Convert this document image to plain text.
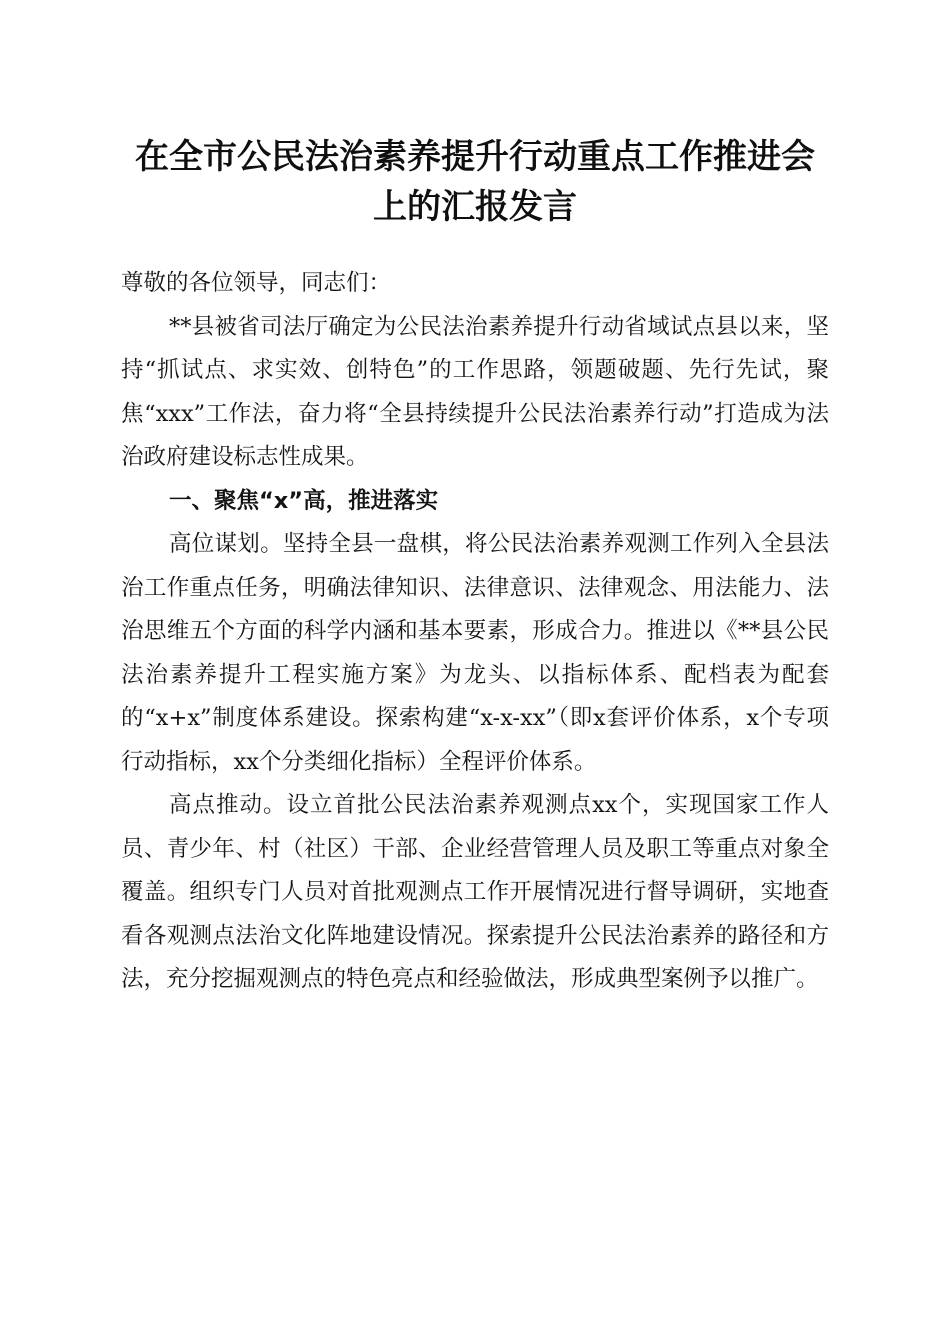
在全市公民法治素养提升行动重点工作推进会
上的汇报发言

尊敬的各位领导，同志们：

**县被省司法厅确定为公民法治素养提升行动省域试点县以来，坚持“抓试点、求实效、创特色”的工作思路，领题破题、先行先试，聚焦“xxx”工作法，奋力将“全县持续提升公民法治素养行动”打造成为法治政府建设标志性成果。

一、聚焦“x”高，推进落实

高位谋划。坚持全县一盘棋，将公民法治素养观测工作列入全县法治工作重点任务，明确法律知识、法律意识、法律观念、用法能力、法治思维五个方面的科学内涵和基本要素，形成合力。推进以《**县公民法治素养提升工程实施方案》为龙头、以指标体系、配档表为配套的“x+x”制度体系建设。探索构建“x-x-xx”（即x套评价体系，x个专项行动指标，xx个分类细化指标）全程评价体系。

高点推动。设立首批公民法治素养观测点xx个，实现国家工作人员、青少年、村（社区）干部、企业经营管理人员及职工等重点对象全覆盖。组织专门人员对首批观测点工作开展情况进行督导调研，实地查看各观测点法治文化阵地建设情况。探索提升公民法治素养的路径和方法，充分挖掘观测点的特色亮点和经验做法，形成典型案例予以推广。
